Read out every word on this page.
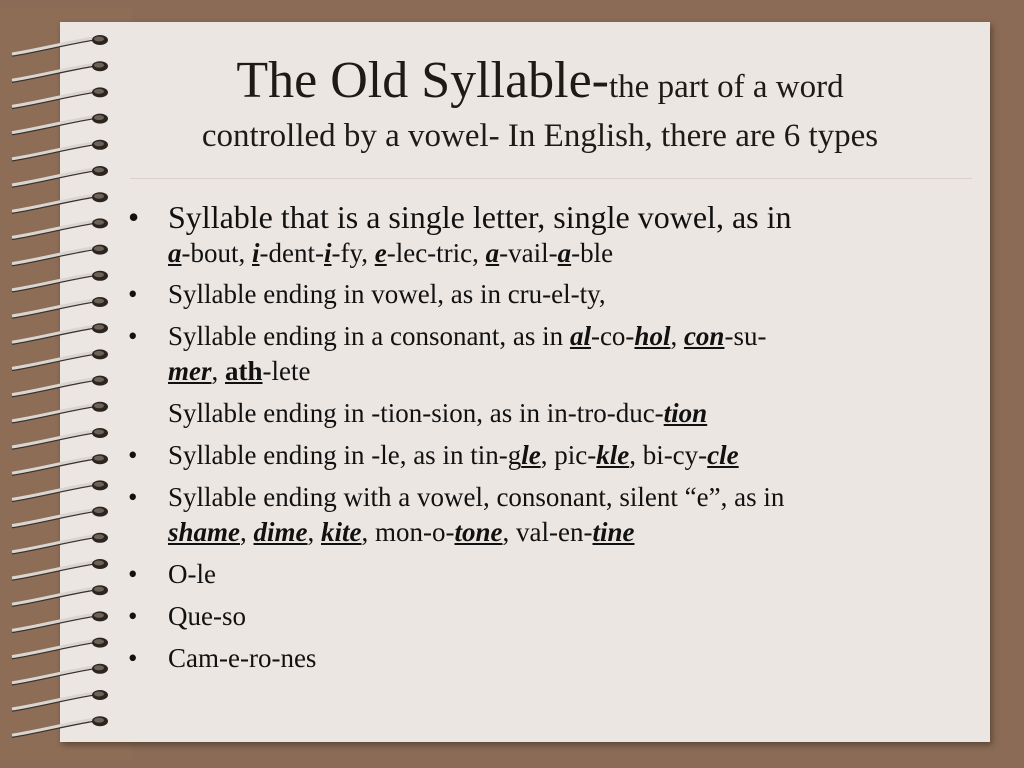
The Old Syllable-the part of a word
controlled by a vowel- In English, there are 6 types
• Syllable that is a single letter, single vowel, as in
a-bout, i-dent-i-fy, e-lec-tric, a-vail-a-ble
• Syllable ending in vowel, as in cru-el-ty,
• Syllable ending in a consonant, as in al-co-hol, con-su-
mer, ath-lete
Syllable ending in -tion-sion, as in in-tro-duc-tion
• Syllable ending in -le, as in tin-gle, pic-kle, bi-cy-cle
• Syllable ending with a vowel, consonant, silent “e”, as in
shame, dime, kite, mon-o-tone, val-en-tine
• O-le
• Que-so
• Cam-e-ro-nes
